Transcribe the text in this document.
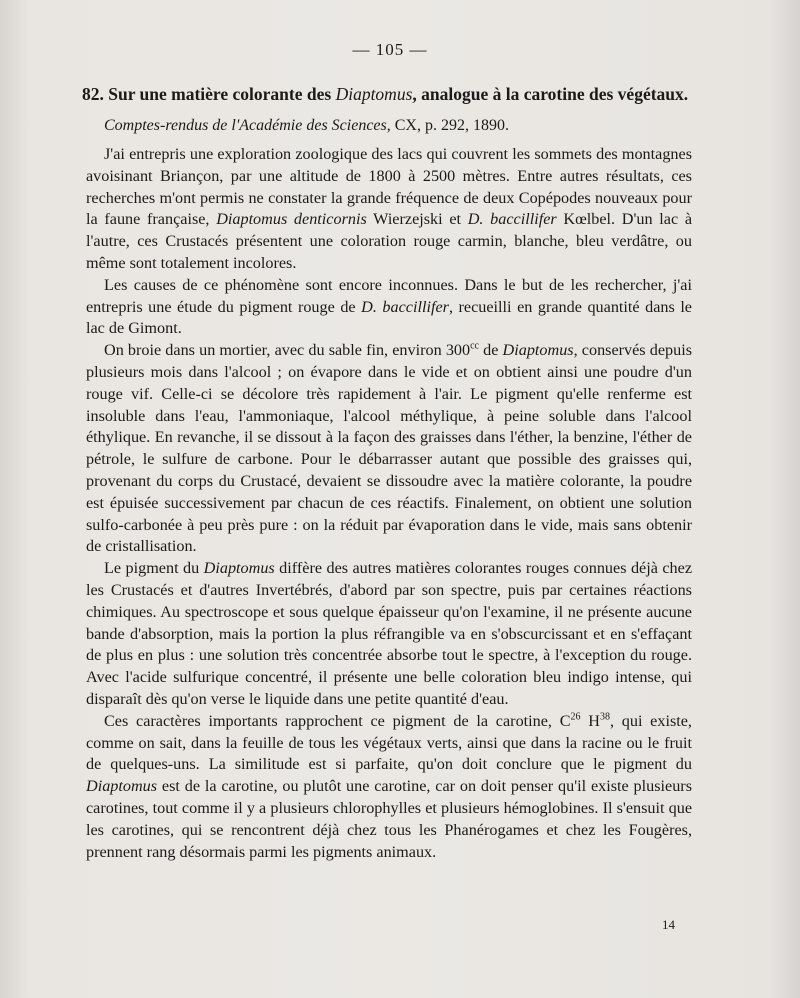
— 105 —
82. Sur une matière colorante des Diaptomus, analogue à la carotine des végétaux.
Comptes-rendus de l'Académie des Sciences, CX, p. 292, 1890.

J'ai entrepris une exploration zoologique des lacs qui couvrent les sommets des montagnes avoisinant Briançon, par une altitude de 1800 à 2500 mètres. Entre autres résultats, ces recherches m'ont permis ne constater la grande fréquence de deux Copépodes nouveaux pour la faune française, Diaptomus denticornis Wierzejski et D. baccillifer Kœlbel. D'un lac à l'autre, ces Crustacés présentent une coloration rouge carmin, blanche, bleu verdâtre, ou même sont totalement incolores.

Les causes de ce phénomène sont encore inconnues. Dans le but de les rechercher, j'ai entrepris une étude du pigment rouge de D. baccillifer, recueilli en grande quantité dans le lac de Gimont.

On broie dans un mortier, avec du sable fin, environ $300^{cc}$ de Diaptomus, conservés depuis plusieurs mois dans l'alcool ; on évapore dans le vide et on obtient ainsi une poudre d'un rouge vif. Celle-ci se décolore très rapidement à l'air. Le pigment qu'elle renferme est insoluble dans l'eau, l'ammoniaque, l'alcool méthylique, à peine soluble dans l'alcool éthylique. En revanche, il se dissout à la façon des graisses dans l'éther, la benzine, l'éther de pétrole, le sulfure de carbone. Pour le débarrasser autant que possible des graisses qui, provenant du corps du Crustacé, devaient se dissoudre avec la matière colorante, la poudre est épuisée successivement par chacun de ces réactifs. Finalement, on obtient une solution sulfo-carbonée à peu près pure : on la réduit par évaporation dans le vide, mais sans obtenir de cristallisation.

Le pigment du Diaptomus diffère des autres matières colorantes rouges connues déjà chez les Crustacés et d'autres Invertébrés, d'abord par son spectre, puis par certaines réactions chimiques. Au spectroscope et sous quelque épaisseur qu'on l'examine, il ne présente aucune bande d'absorption, mais la portion la plus réfrangible va en s'obscurcissant et en s'effaçant de plus en plus : une solution très concentrée absorbe tout le spectre, à l'exception du rouge. Avec l'acide sulfurique concentré, il présente une belle coloration bleu indigo intense, qui disparaît dès qu'on verse le liquide dans une petite quantité d'eau.

Ces caractères importants rapprochent ce pigment de la carotine, $C^{26}$ $H^{38}$, qui existe, comme on sait, dans la feuille de tous les végétaux verts, ainsi que dans la racine ou le fruit de quelques-uns. La similitude est si parfaite, qu'on doit conclure que le pigment du Diaptomus est de la carotine, ou plutôt une carotine, car on doit penser qu'il existe plusieurs carotines, tout comme il y a plusieurs chlorophylles et plusieurs hémoglobines. Il s'ensuit que les carotines, qui se rencontrent déjà chez tous les Phanérogames et chez les Fougères, prennent rang désormais parmi les pigments animaux.

14
